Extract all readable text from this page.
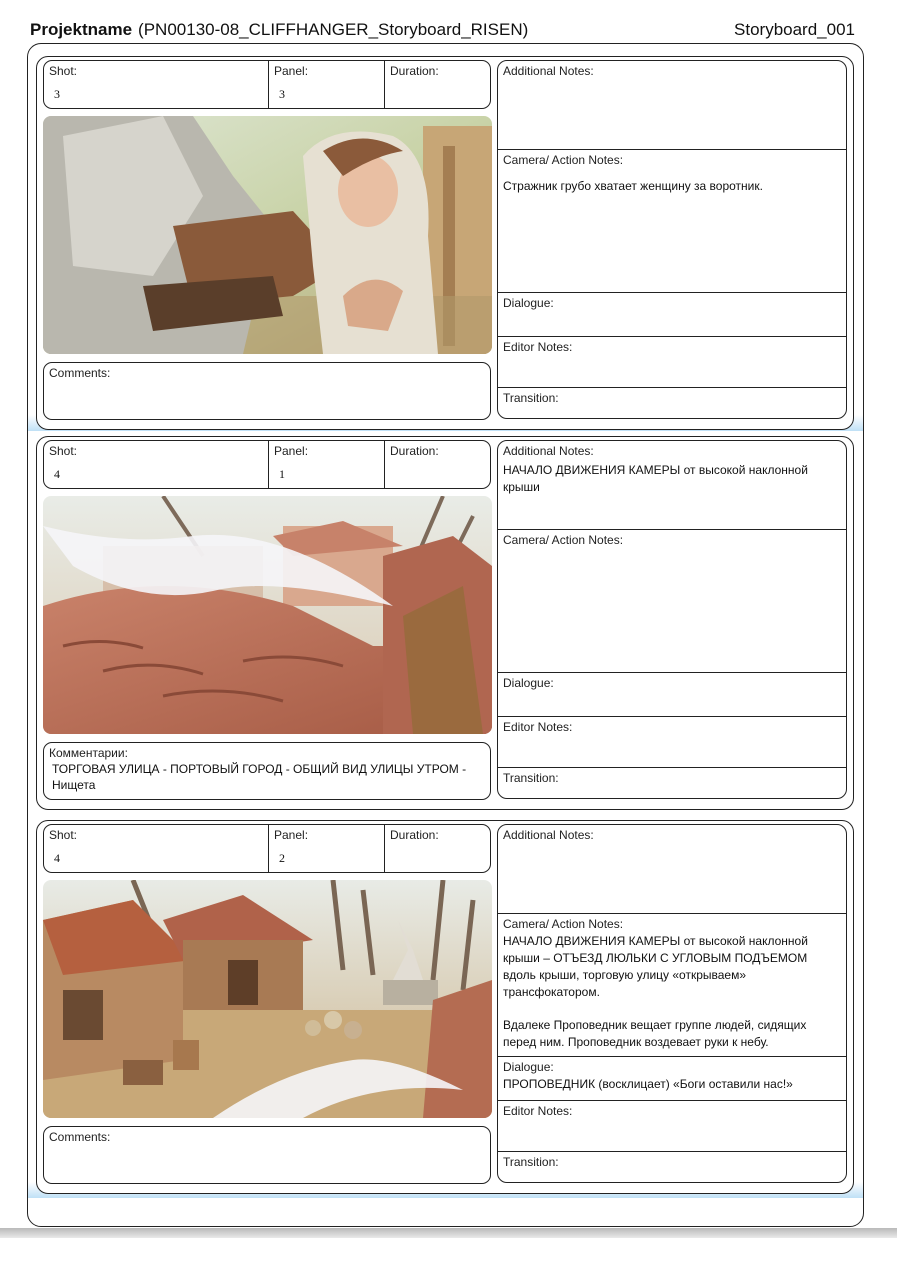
Projektname (PN00130-08_CLIFFHANGER_Storyboard_RISEN)	Storyboard_001
Shot:
3
Panel:
3
Duration:
Comments:
Additional Notes:
Camera/ Action Notes:
Стражник грубо хватает женщину за воротник.
Dialogue:
Editor Notes:
Transition:
Shot:
4
Panel:
1
Duration:
Комментарии:
ТОРГОВАЯ УЛИЦА - ПОРТОВЫЙ ГОРОД - ОБЩИЙ ВИД УЛИЦЫ УТРОМ - Нищета
Additional Notes:
НАЧАЛО ДВИЖЕНИЯ КАМЕРЫ от высокой наклонной крыши
Camera/ Action Notes:
Dialogue:
Editor Notes:
Transition:
Shot:
4
Panel:
2
Duration:
Comments:
Additional Notes:
Camera/ Action Notes:
НАЧАЛО ДВИЖЕНИЯ КАМЕРЫ от высокой наклонной крыши – ОТЪЕЗД ЛЮЛЬКИ С УГЛОВЫМ ПОДЪЕМОМ вдоль крыши, торговую улицу «открываем» трансфокатором.
Вдалеке Проповедник вещает группе людей, сидящих перед ним. Проповедник воздевает руки к небу.
Dialogue:
ПРОПОВЕДНИК (восклицает) «Боги оставили нас!»
Editor Notes:
Transition:
